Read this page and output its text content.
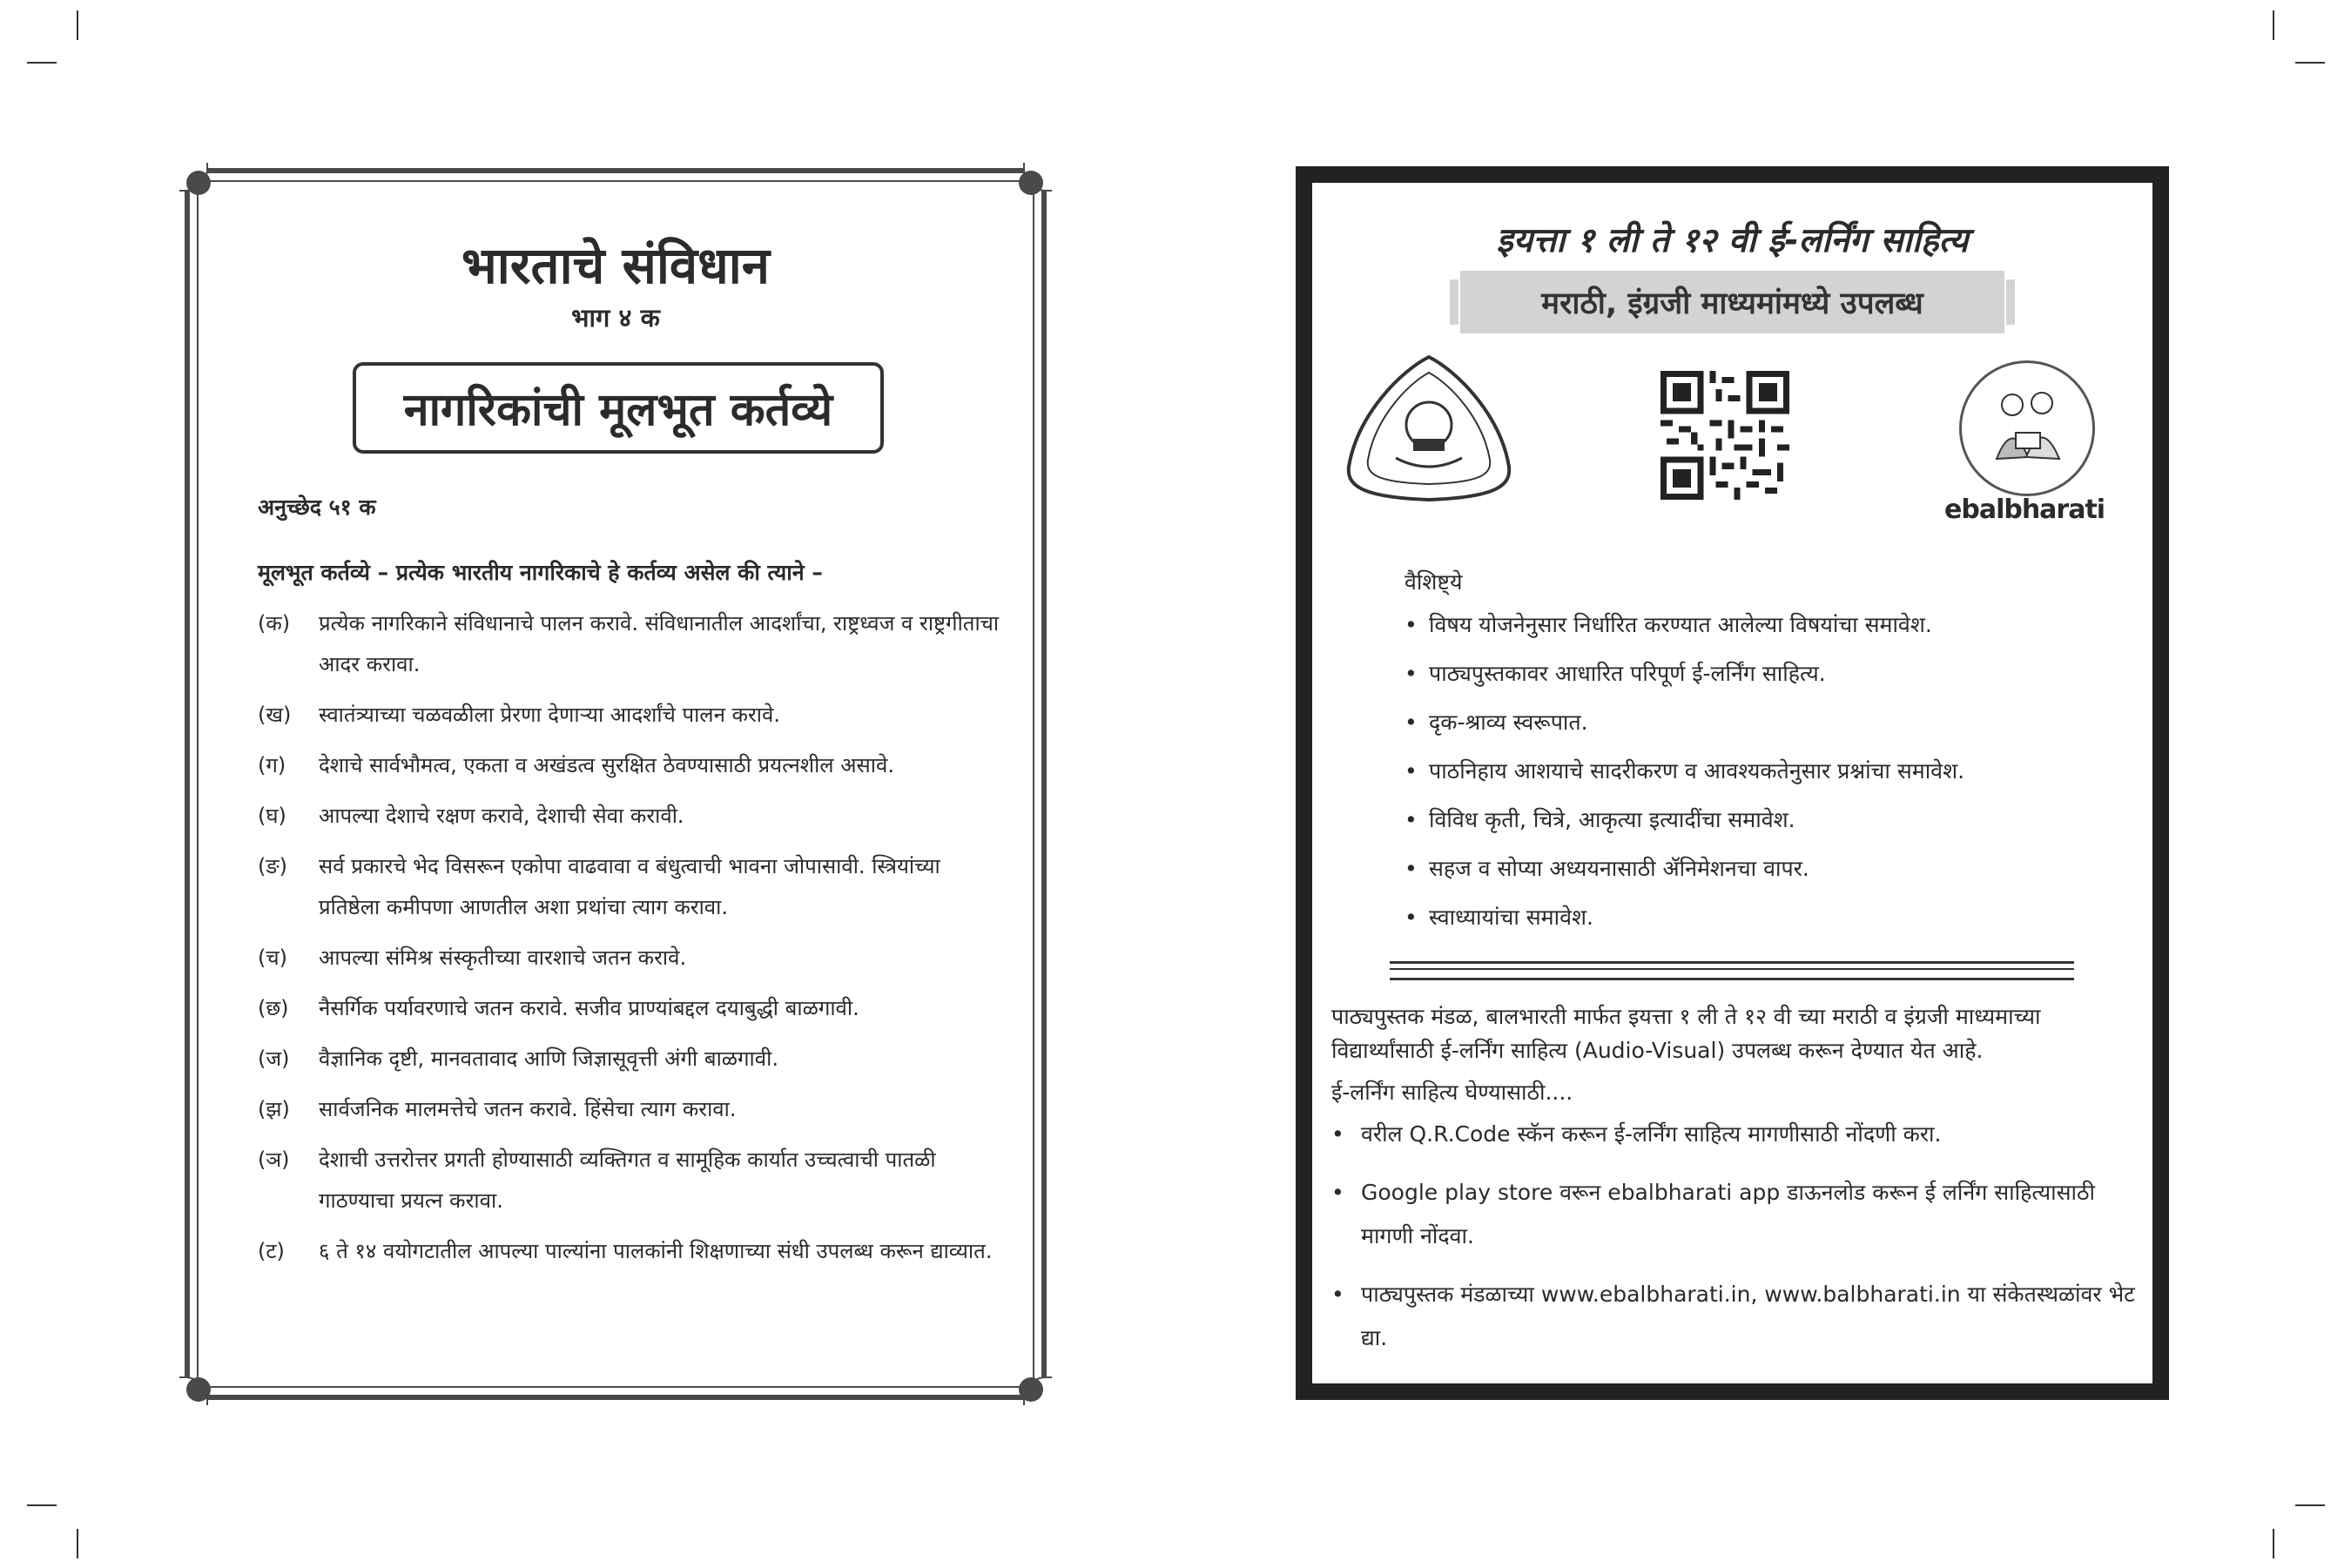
भारताचे संविधान
भाग ४ क
नागरिकांची मूलभूत कर्तव्ये
अनुच्छेद ५१ क
मूलभूत कर्तव्ये – प्रत्येक भारतीय नागरिकाचे हे कर्तव्य असेल की त्याने –
(क)	प्रत्येक नागरिकाने संविधानाचे पालन करावे. संविधानातील आदर्शांचा, राष्ट्रध्वज व राष्ट्रगीताचा आदर करावा.
(ख)	स्वातंत्र्याच्या चळवळीला प्रेरणा देणाऱ्या आदर्शांचे पालन करावे.
(ग)	देशाचे सार्वभौमत्व, एकता व अखंडत्व सुरक्षित ठेवण्यासाठी प्रयत्नशील असावे.
(घ)	आपल्या देशाचे रक्षण करावे, देशाची सेवा करावी.
(ङ)	सर्व प्रकारचे भेद विसरून एकोपा वाढवावा व बंधुत्वाची भावना जोपासावी. स्त्रियांच्या प्रतिष्ठेला कमीपणा आणतील अशा प्रथांचा त्याग करावा.
(च)	आपल्या संमिश्र संस्कृतीच्या वारशाचे जतन करावे.
(छ)	नैसर्गिक पर्यावरणाचे जतन करावे. सजीव प्राण्यांबद्दल दयाबुद्धी बाळगावी.
(ज)	वैज्ञानिक दृष्टी, मानवतावाद आणि जिज्ञासूवृत्ती अंगी बाळगावी.
(झ)	सार्वजनिक मालमत्तेचे जतन करावे. हिंसेचा त्याग करावा.
(ञ)	देशाची उत्तरोत्तर प्रगती होण्यासाठी व्यक्तिगत व सामूहिक कार्यात उच्चत्वाची पातळी गाठण्याचा प्रयत्न करावा.
(ट)	६ ते १४ वयोगटातील आपल्या पाल्यांना पालकांनी शिक्षणाच्या संधी उपलब्ध करून द्याव्यात.
इयत्ता १ ली ते १२ वी ई-लर्निंग साहित्य
मराठी, इंग्रजी माध्यमांमध्ये उपलब्ध
ebalbharati
वैशिष्ट्ये
• विषय योजनेनुसार निर्धारित करण्यात आलेल्या विषयांचा समावेश.
• पाठ्यपुस्तकावर आधारित परिपूर्ण ई-लर्निंग साहित्य.
• दृक-श्राव्य स्वरूपात.
• पाठनिहाय आशयाचे सादरीकरण व आवश्यकतेनुसार प्रश्नांचा समावेश.
• विविध कृती, चित्रे, आकृत्या इत्यादींचा समावेश.
• सहज व सोप्या अध्ययनासाठी ॲनिमेशनचा वापर.
• स्वाध्यायांचा समावेश.
पाठ्यपुस्तक मंडळ, बालभारती मार्फत इयत्ता १ ली ते १२ वी च्या मराठी व इंग्रजी माध्यमाच्या विद्यार्थ्यांसाठी ई-लर्निंग साहित्य (Audio-Visual) उपलब्ध करून देण्यात येत आहे.
ई-लर्निंग साहित्य घेण्यासाठी....
• वरील Q.R.Code स्कॅन करून ई-लर्निंग साहित्य मागणीसाठी नोंदणी करा.
• Google play store वरून ebalbharati app डाऊनलोड करून ई लर्निंग साहित्यासाठी मागणी नोंदवा.
• पाठ्यपुस्तक मंडळाच्या www.ebalbharati.in, www.balbharati.in या संकेतस्थळांवर भेट द्या.
